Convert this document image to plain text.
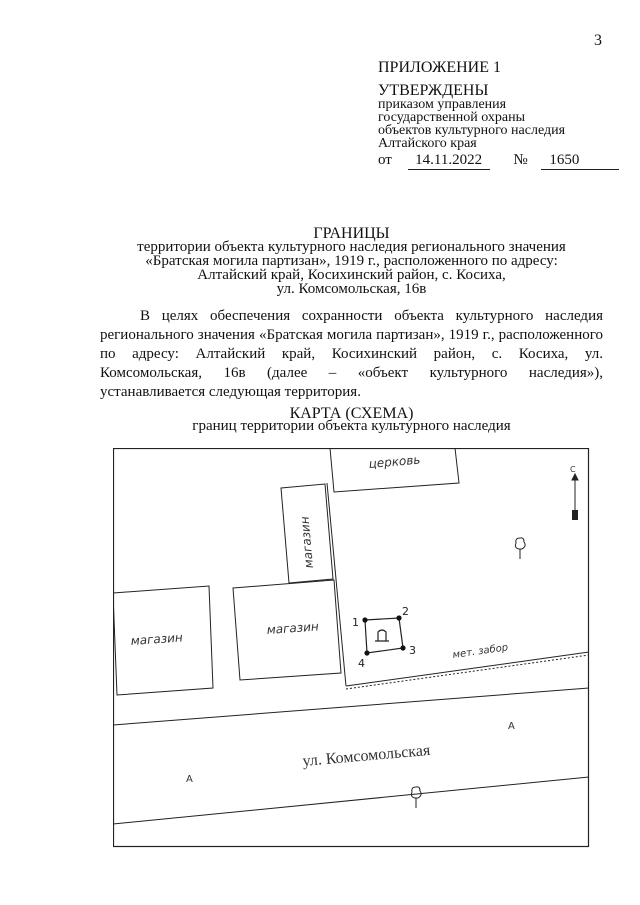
3
ПРИЛОЖЕНИЕ 1
УТВЕРЖДЕНЫ
приказом управления
государственной охраны
объектов культурного наследия
Алтайского края
от 14.11.2022 № 1650
ГРАНИЦЫ
территории объекта культурного наследия регионального значения
«Братская могила партизан», 1919 г., расположенного по адресу:
Алтайский край, Косихинский район, с. Косиха,
ул. Комсомольская, 16в
В целях обеспечения сохранности объекта культурного наследия регионального значения «Братская могила партизан», 1919 г., расположенного по адресу: Алтайский край, Косихинский район, с. Косиха, ул. Комсомольская, 16в (далее – «объект культурного наследия»), устанавливается следующая территория.
КАРТА (СХЕМА)
границ территории объекта культурного наследия
1
2
3
4
церковь
магазин
магазин
магазин
мет. забор
ул. Комсомольская
А
А
С
